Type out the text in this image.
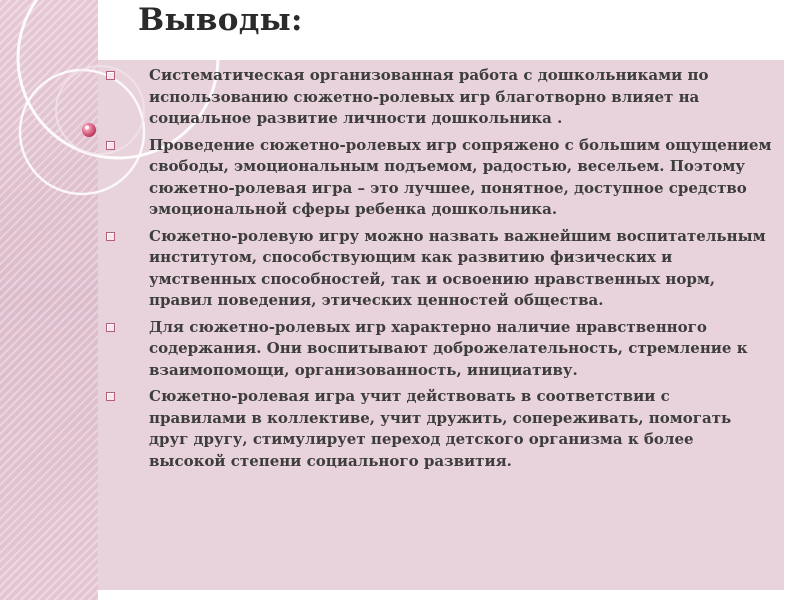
Выводы:
Систематическая организованная работа с дошкольниками по использованию сюжетно-ролевых игр благотворно влияет на социальное развитие личности дошкольника .
Проведение сюжетно-ролевых игр сопряжено с большим ощущением свободы, эмоциональным подъемом, радостью, весельем. Поэтому сюжетно-ролевая игра – это лучшее, понятное, доступное средство эмоциональной сферы ребенка дошкольника.
Сюжетно-ролевую игру можно назвать важнейшим воспитательным институтом, способствующим как развитию физических и умственных способностей, так и освоению нравственных норм, правил поведения, этических ценностей общества.
Для сюжетно-ролевых игр характерно наличие нравственного содержания. Они воспитывают доброжелательность, стремление к взаимопомощи, организованность, инициативу.
Сюжетно-ролевая игра учит действовать в соответствии с правилами в коллективе, учит дружить, сопереживать, помогать друг другу, стимулирует переход детского организма к более высокой степени социального развития.
